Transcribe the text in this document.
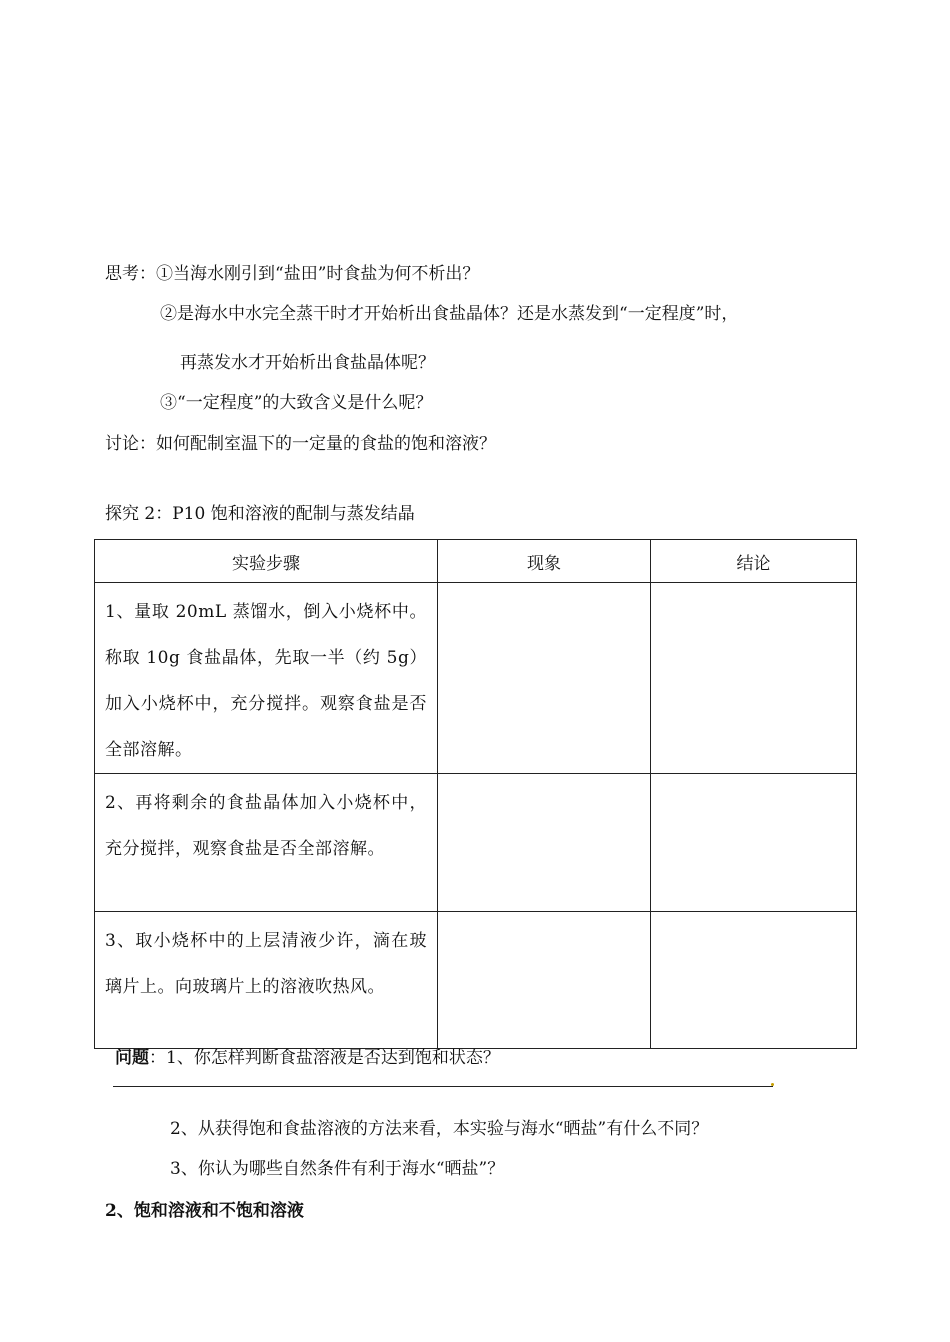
思考：①当海水刚引到“盐田”时食盐为何不析出？
②是海水中水完全蒸干时才开始析出食盐晶体？还是水蒸发到“一定程度”时，
再蒸发水才开始析出食盐晶体呢？
③“一定程度”的大致含义是什么呢？
讨论：如何配制室温下的一定量的食盐的饱和溶液？
探究 2：P10 饱和溶液的配制与蒸发结晶
实验步骤	现象	结论

1、量取 20mL 蒸馏水，倒入小烧杯中。称取 10g 食盐晶体，先取一半（约 5g）加入小烧杯中，充分搅拌。观察食盐是否全部溶解。		

2、再将剩余的食盐晶体加入小烧杯中，充分搅拌，观察食盐是否全部溶解。		

3、取小烧杯中的上层清液少许，滴在玻璃片上。向玻璃片上的溶液吹热风。		

问题：1、你怎样判断食盐溶液是否达到饱和状态？
2、从获得饱和食盐溶液的方法来看，本实验与海水“晒盐”有什么不同？
3、你认为哪些自然条件有利于海水“晒盐”？
2、饱和溶液和不饱和溶液
